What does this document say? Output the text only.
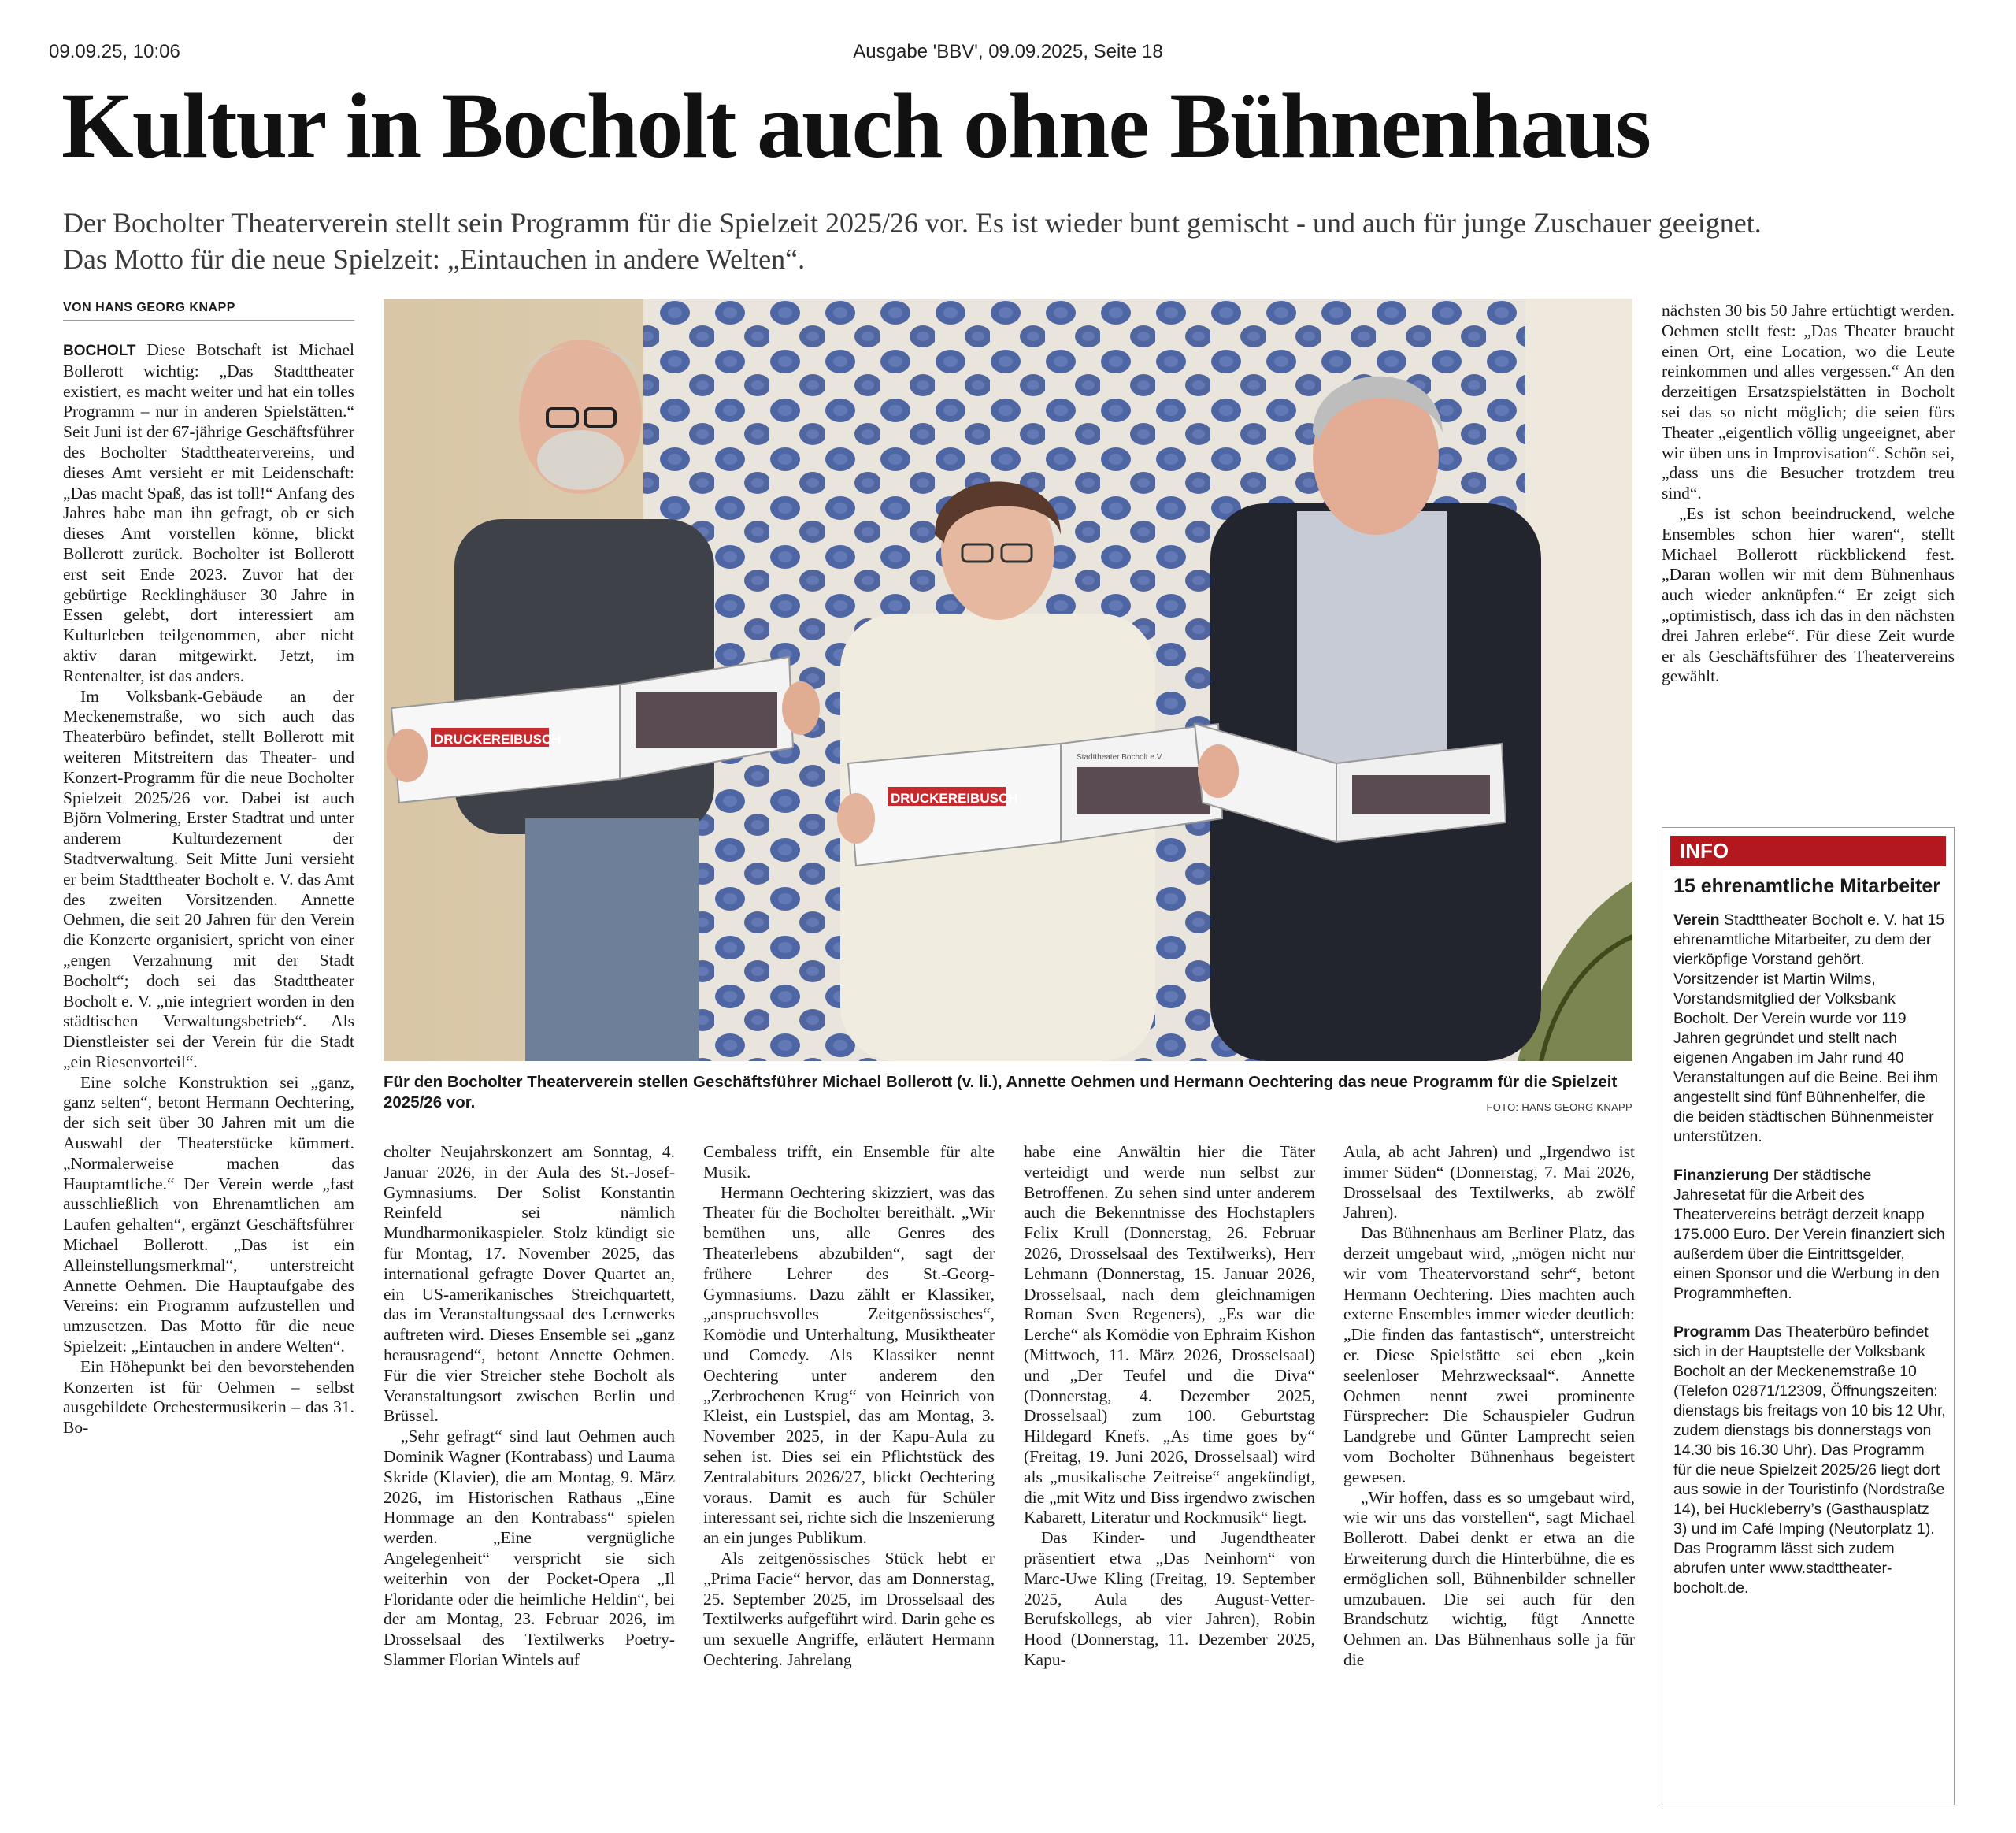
09.09.25, 10:06	Ausgabe 'BBV', 09.09.2025, Seite 18
Kultur in Bocholt auch ohne Bühnenhaus

Der Bocholter Theaterverein stellt sein Programm für die Spielzeit 2025/26 vor. Es ist wieder bunt gemischt - und auch für junge Zuschauer geeignet.

Das Motto für die neue Spielzeit: „Eintauchen in andere Welten“.

VON HANS GEORG KNAPP

BOCHOLT Diese Botschaft ist Michael Bollerott wichtig: „Das Stadttheater existiert, es macht weiter und hat ein tolles Programm – nur in anderen Spielstätten.“ Seit Juni ist der 67-jährige Geschäftsführer des Bocholter Stadttheatervereins, und dieses Amt versieht er mit Leidenschaft: „Das macht Spaß, das ist toll!“ Anfang des Jahres habe man ihn gefragt, ob er sich dieses Amt vorstellen könne, blickt Bollerott zurück. Bocholter ist Bollerott erst seit Ende 2023. Zuvor hat der gebürtige Recklinghäuser 30 Jahre in Essen gelebt, dort interessiert am Kulturleben teilgenommen, aber nicht aktiv daran mitgewirkt. Jetzt, im Rentenalter, ist das anders.

Im Volksbank-Gebäude an der Meckenemstraße, wo sich auch das Theaterbüro befindet, stellt Bollerott mit weiteren Mitstreitern das Theater- und Konzert-Programm für die neue Bocholter Spielzeit 2025/26 vor. Dabei ist auch Björn Volmering, Erster Stadtrat und unter anderem Kulturdezernent der Stadtverwaltung. Seit Mitte Juni versieht er beim Stadttheater Bocholt e. V. das Amt des zweiten Vorsitzenden. Annette Oehmen, die seit 20 Jahren für den Verein die Konzerte organisiert, spricht von einer „engen Verzahnung mit der Stadt Bocholt“; doch sei das Stadttheater Bocholt e. V. „nie integriert worden in den städtischen Verwaltungsbetrieb“. Als Dienstleister sei der Verein für die Stadt „ein Riesenvorteil“.

Eine solche Konstruktion sei „ganz, ganz selten“, betont Hermann Oechtering, der sich seit über 30 Jahren mit um die Auswahl der Theaterstücke kümmert. „Normalerweise machen das Hauptamtliche.“ Der Verein werde „fast ausschließlich von Ehrenamtlichen am Laufen gehalten“, ergänzt Geschäftsführer Michael Bollerott. „Das ist ein Alleinstellungsmerkmal“, unterstreicht Annette Oehmen. Die Hauptaufgabe des Vereins: ein Programm aufzustellen und umzusetzen. Das Motto für die neue Spielzeit: „Eintauchen in andere Welten“.

Ein Höhepunkt bei den bevorstehenden Konzerten ist für Oehmen – selbst ausgebildete Orchestermusikerin – das 31. Bo-

DRUCKEREIBUSCH
DRUCKEREIBUSCH
Stadttheater Bocholt e.V.
Für den Bocholter Theaterverein stellen Geschäftsführer Michael Bollerott (v. li.), Annette Oehmen und Hermann Oechtering das neue Programm für die Spielzeit 2025/26 vor.	FOTO: HANS GEORG KNAPP

cholter Neujahrskonzert am Sonntag, 4. Januar 2026, in der Aula des St.-Josef-Gymnasiums. Der Solist Konstantin Reinfeld sei nämlich Mundharmonikaspieler. Stolz kündigt sie für Montag, 17. November 2025, das international gefragte Dover Quartet an, ein US-amerikanisches Streichquartett, das im Veranstaltungssaal des Lernwerks auftreten wird. Dieses Ensemble sei „ganz herausragend“, betont Annette Oehmen. Für die vier Streicher stehe Bocholt als Veranstaltungsort zwischen Berlin und Brüssel.

„Sehr gefragt“ sind laut Oehmen auch Dominik Wagner (Kontrabass) und Lauma Skride (Klavier), die am Montag, 9. März 2026, im Historischen Rathaus „Eine Hommage an den Kontrabass“ spielen werden. „Eine vergnügliche Angelegenheit“ verspricht sie sich weiterhin von der Pocket-Opera „Il Floridante oder die heimliche Heldin“, bei der am Montag, 23. Februar 2026, im Drosselsaal des Textilwerks Poetry-Slammer Florian Wintels auf

Cembaless trifft, ein Ensemble für alte Musik.

Hermann Oechtering skizziert, was das Theater für die Bocholter bereithält. „Wir bemühen uns, alle Genres des Theaterlebens abzubilden“, sagt der frühere Lehrer des St.-Georg-Gymnasiums. Dazu zählt er Klassiker, „anspruchsvolles Zeitgenössisches“, Komödie und Unterhaltung, Musiktheater und Comedy. Als Klassiker nennt Oechtering unter anderem den „Zerbrochenen Krug“ von Heinrich von Kleist, ein Lustspiel, das am Montag, 3. November 2025, in der Kapu-Aula zu sehen ist. Dies sei ein Pflichtstück des Zentralabiturs 2026/27, blickt Oechtering voraus. Damit es auch für Schüler interessant sei, richte sich die Inszenierung an ein junges Publikum.

Als zeitgenössisches Stück hebt er „Prima Facie“ hervor, das am Donnerstag, 25. September 2025, im Drosselsaal des Textilwerks aufgeführt wird. Darin gehe es um sexuelle Angriffe, erläutert Hermann Oechtering. Jahrelang

habe eine Anwältin hier die Täter verteidigt und werde nun selbst zur Betroffenen. Zu sehen sind unter anderem auch die Bekenntnisse des Hochstaplers Felix Krull (Donnerstag, 26. Februar 2026, Drosselsaal des Textilwerks), Herr Lehmann (Donnerstag, 15. Januar 2026, Drosselsaal, nach dem gleichnamigen Roman Sven Regeners), „Es war die Lerche“ als Komödie von Ephraim Kishon (Mittwoch, 11. März 2026, Drosselsaal) und „Der Teufel und die Diva“ (Donnerstag, 4. Dezember 2025, Drosselsaal) zum 100. Geburtstag Hildegard Knefs. „As time goes by“ (Freitag, 19. Juni 2026, Drosselsaal) wird als „musikalische Zeitreise“ angekündigt, die „mit Witz und Biss irgendwo zwischen Kabarett, Literatur und Rockmusik“ liegt.

Das Kinder- und Jugendtheater präsentiert etwa „Das Neinhorn“ von Marc-Uwe Kling (Freitag, 19. September 2025, Aula des August-Vetter-Berufskollegs, ab vier Jahren), Robin Hood (Donnerstag, 11. Dezember 2025, Kapu-

Aula, ab acht Jahren) und „Irgendwo ist immer Süden“ (Donnerstag, 7. Mai 2026, Drosselsaal des Textilwerks, ab zwölf Jahren).

Das Bühnenhaus am Berliner Platz, das derzeit umgebaut wird, „mögen nicht nur wir vom Theatervorstand sehr“, betont Hermann Oechtering. Dies machten auch externe Ensembles immer wieder deutlich: „Die finden das fantastisch“, unterstreicht er. Diese Spielstätte sei eben „kein seelenloser Mehrzwecksaal“. Annette Oehmen nennt zwei prominente Fürsprecher: Die Schauspieler Gudrun Landgrebe und Günter Lamprecht seien vom Bocholter Bühnenhaus begeistert gewesen.

„Wir hoffen, dass es so umgebaut wird, wie wir uns das vorstellen“, sagt Michael Bollerott. Dabei denkt er etwa an die Erweiterung durch die Hinterbühne, die es ermöglichen soll, Bühnenbilder schneller umzubauen. Die sei auch für den Brandschutz wichtig, fügt Annette Oehmen an. Das Bühnenhaus solle ja für die

nächsten 30 bis 50 Jahre ertüchtigt werden. Oehmen stellt fest: „Das Theater braucht einen Ort, eine Location, wo die Leute reinkommen und alles vergessen.“ An den derzeitigen Ersatzspielstätten in Bocholt sei das so nicht möglich; die seien fürs Theater „eigentlich völlig ungeeignet, aber wir üben uns in Improvisation“. Schön sei, „dass uns die Besucher trotzdem treu sind“.

„Es ist schon beeindruckend, welche Ensembles schon hier waren“, stellt Michael Bollerott rückblickend fest. „Daran wollen wir mit dem Bühnenhaus auch wieder anknüpfen.“ Er zeigt sich „optimistisch, dass ich das in den nächsten drei Jahren erlebe“. Für diese Zeit wurde er als Geschäftsführer des Theatervereins gewählt.

INFO
15 ehrenamtliche Mitarbeiter

Verein Stadttheater Bocholt e. V. hat 15 ehrenamtliche Mitarbeiter, zu dem der vierköpfige Vorstand gehört. Vorsitzender ist Martin Wilms, Vorstandsmitglied der Volksbank Bocholt. Der Verein wurde vor 119 Jahren gegründet und stellt nach eigenen Angaben im Jahr rund 40 Veranstaltungen auf die Beine. Bei ihm angestellt sind fünf Bühnenhelfer, die die beiden städtischen Bühnenmeister unterstützen.

Finanzierung Der städtische Jahresetat für die Arbeit des Theatervereins beträgt derzeit knapp 175.000 Euro. Der Verein finanziert sich außerdem über die Eintrittsgelder, einen Sponsor und die Werbung in den Programmheften.

Programm Das Theaterbüro befindet sich in der Hauptstelle der Volksbank Bocholt an der Meckenemstraße 10 (Telefon 02871/12309, Öffnungszeiten: dienstags bis freitags von 10 bis 12 Uhr, zudem dienstags bis donnerstags von 14.30 bis 16.30 Uhr). Das Programm für die neue Spielzeit 2025/26 liegt dort aus sowie in der Touristinfo (Nordstraße 14), bei Huckleberry’s (Gasthausplatz 3) und im Café Imping (Neutorplatz 1). Das Programm lässt sich zudem abrufen unter www.stadttheater-bocholt.de.
